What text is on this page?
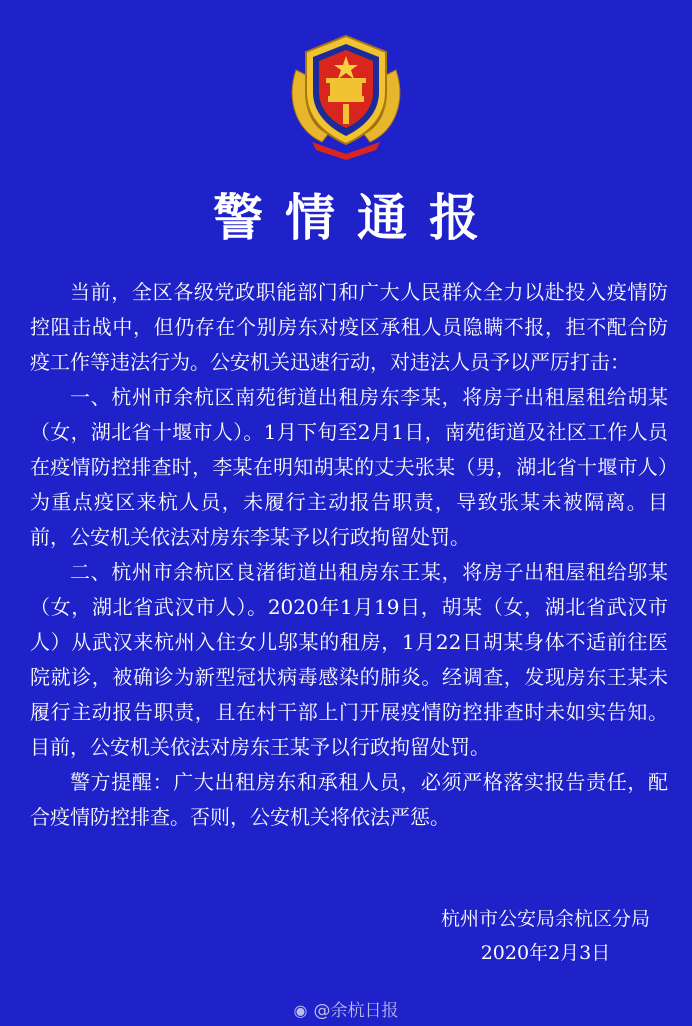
警情通报

当前，全区各级党政职能部门和广大人民群众全力以赴投入疫情防控阻击战中，但仍存在个别房东对疫区承租人员隐瞒不报，拒不配合防疫工作等违法行为。公安机关迅速行动，对违法人员予以严厉打击：

一、杭州市余杭区南苑街道出租房东李某，将房子出租屋租给胡某（女，湖北省十堰市人）。1月下旬至2月1日，南苑街道及社区工作人员在疫情防控排查时，李某在明知胡某的丈夫张某（男，湖北省十堰市人）为重点疫区来杭人员，未履行主动报告职责，导致张某未被隔离。目前，公安机关依法对房东李某予以行政拘留处罚。

二、杭州市余杭区良渚街道出租房东王某，将房子出租屋租给邬某（女，湖北省武汉市人）。2020年1月19日，胡某（女，湖北省武汉市人）从武汉来杭州入住女儿邬某的租房，1月22日胡某身体不适前往医院就诊，被确诊为新型冠状病毒感染的肺炎。经调查，发现房东王某未履行主动报告职责，且在村干部上门开展疫情防控排查时未如实告知。目前，公安机关依法对房东王某予以行政拘留处罚。

警方提醒：广大出租房东和承租人员，必须严格落实报告责任，配合疫情防控排查。否则，公安机关将依法严惩。

杭州市公安局余杭区分局
2020年2月3日
◉ @余杭日报
